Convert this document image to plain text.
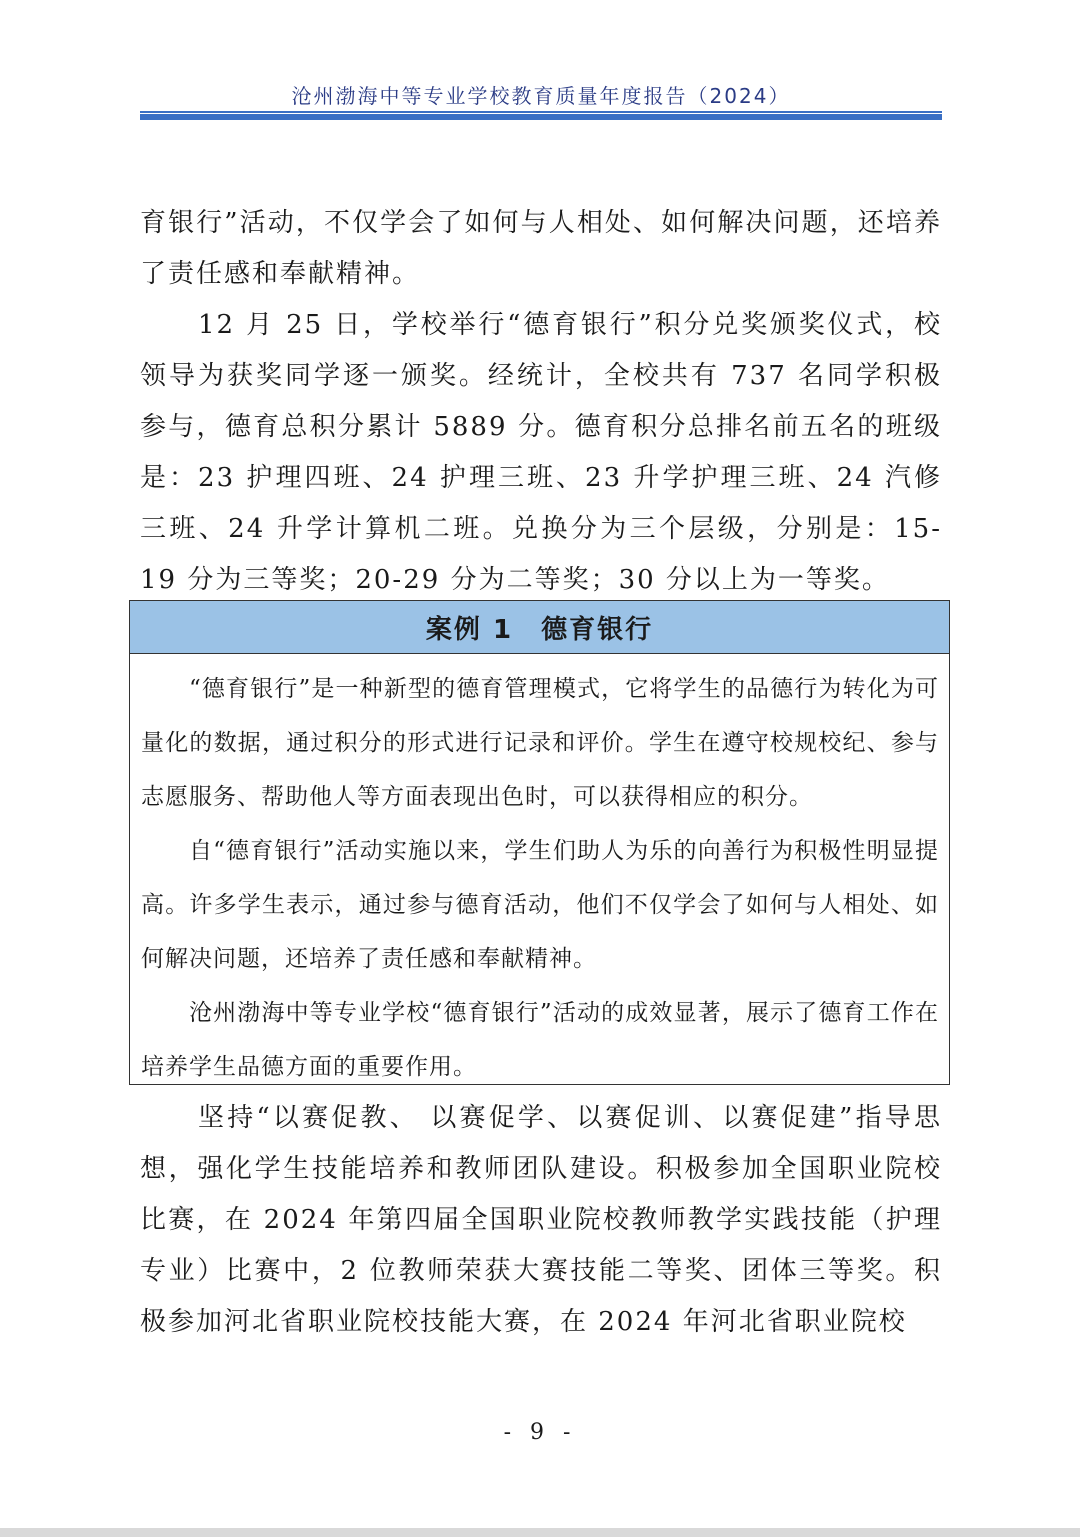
沧州渤海中等专业学校教育质量年度报告（2024）

育银行”活动，不仅学会了如何与人相处、如何解决问题，还培养了责任感和奉献精神。

12 月 25 日，学校举行“德育银行”积分兑奖颁奖仪式，校领导为获奖同学逐一颁奖。经统计，全校共有 737 名同学积极参与，德育总积分累计 5889 分。德育积分总排名前五名的班级是：23 护理四班、24 护理三班、23 升学护理三班、24 汽修三班、24 升学计算机二班。兑换分为三个层级，分别是：15-19 分为三等奖；20-29 分为二等奖；30 分以上为一等奖。

案例 1　德育银行

“德育银行”是一种新型的德育管理模式，它将学生的品德行为转化为可量化的数据，通过积分的形式进行记录和评价。学生在遵守校规校纪、参与志愿服务、帮助他人等方面表现出色时，可以获得相应的积分。

自“德育银行”活动实施以来，学生们助人为乐的向善行为积极性明显提高。许多学生表示，通过参与德育活动，他们不仅学会了如何与人相处、如何解决问题，还培养了责任感和奉献精神。

沧州渤海中等专业学校“德育银行”活动的成效显著，展示了德育工作在培养学生品德方面的重要作用。

坚持“以赛促教、 以赛促学、以赛促训、以赛促建”指导思想，强化学生技能培养和教师团队建设。积极参加全国职业院校比赛，在 2024 年第四届全国职业院校教师教学实践技能（护理专业）比赛中，2 位教师荣获大赛技能二等奖、团体三等奖。积极参加河北省职业院校技能大赛，在 2024 年河北省职业院校

- 9 -
